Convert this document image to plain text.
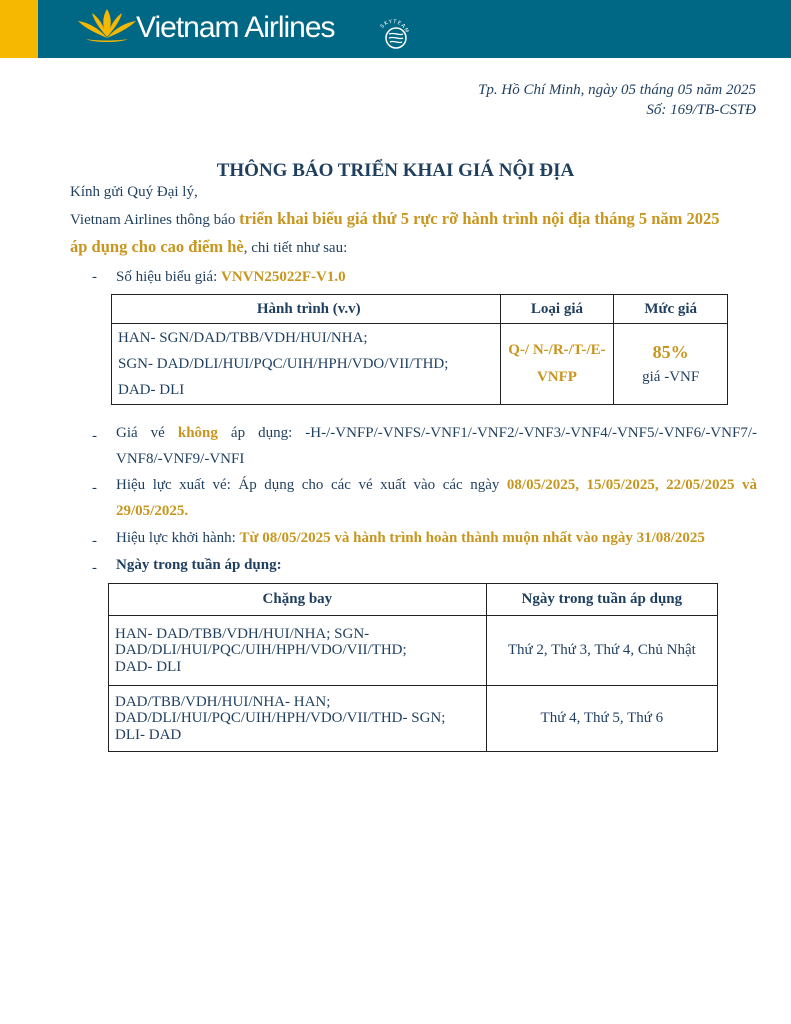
Vietnam Airlines	SKYTEAM
Tp. Hồ Chí Minh, ngày 05 tháng 05 năm 2025
Số: 169/TB-CSTĐ
THÔNG BÁO TRIỂN KHAI GIÁ NỘI ĐỊA
Kính gửi Quý Đại lý,
Vietnam Airlines thông báo triển khai biểu giá thứ 5 rực rỡ hành trình nội địa tháng 5 năm 2025
áp dụng cho cao điểm hè, chi tiết như sau:
- Số hiệu biểu giá: VNVN25022F-V1.0
Hành trình (v.v)	Loại giá	Mức giá

HAN- SGN/DAD/TBB/VDH/HUI/NHA;
SGN- DAD/DLI/HUI/PQC/UIH/HPH/VDO/VII/THD;
DAD- DLI	Q-/ N-/R-/T-/E-
VNFP	85%
giá -VNF
- Giá vé không áp dụng: -H-/-VNFP/-VNFS/-VNF1/-VNF2/-VNF3/-VNF4/-VNF5/-VNF6/-VNF7/-
VNF8/-VNF9/-VNFI
- Hiệu lực xuất vé: Áp dụng cho các vé xuất vào các ngày 08/05/2025, 15/05/2025, 22/05/2025 và
29/05/2025.
- Hiệu lực khởi hành: Từ 08/05/2025 và hành trình hoàn thành muộn nhất vào ngày 31/08/2025
- Ngày trong tuần áp dụng:
Chặng bay	Ngày trong tuần áp dụng

HAN- DAD/TBB/VDH/HUI/NHA; SGN-
DAD/DLI/HUI/PQC/UIH/HPH/VDO/VII/THD;
DAD- DLI	Thứ 2, Thứ 3, Thứ 4, Chủ Nhật

DAD/TBB/VDH/HUI/NHA- HAN;
DAD/DLI/HUI/PQC/UIH/HPH/VDO/VII/THD- SGN;
DLI- DAD	Thứ 4, Thứ 5, Thứ 6
